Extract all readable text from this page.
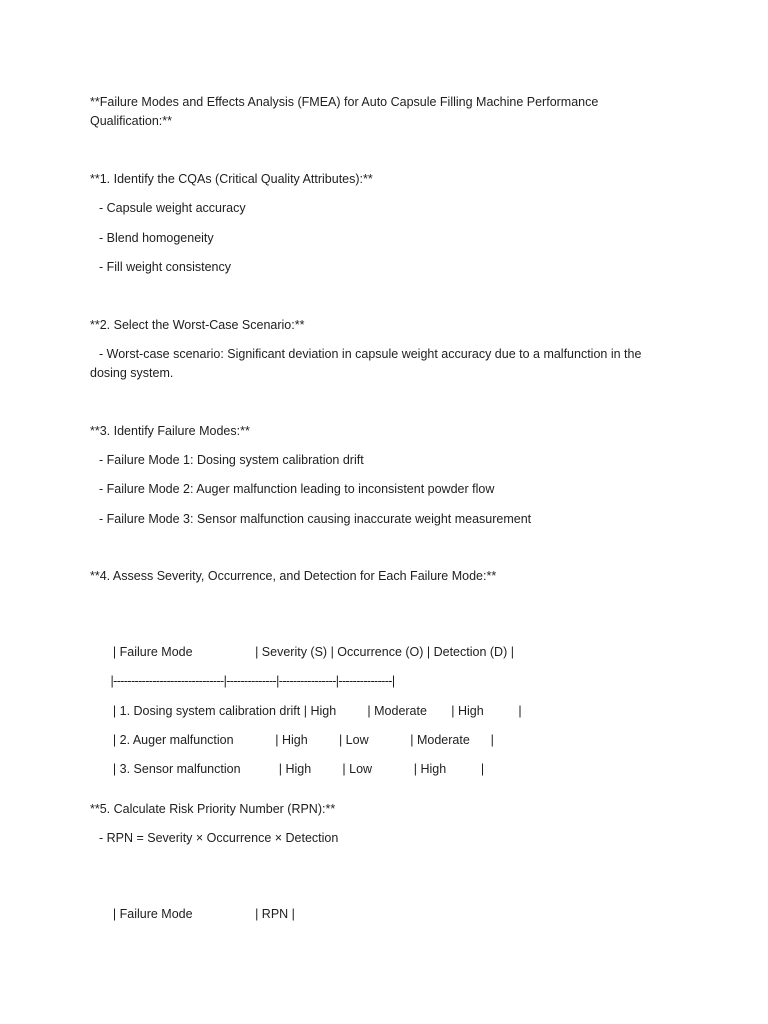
**Failure Modes and Effects Analysis (FMEA) for Auto Capsule Filling Machine Performance
Qualification:**
**1. Identify the CQAs (Critical Quality Attributes):**
- Capsule weight accuracy
- Blend homogeneity
- Fill weight consistency
**2. Select the Worst-Case Scenario:**
- Worst-case scenario: Significant deviation in capsule weight accuracy due to a malfunction in the
dosing system.
**3. Identify Failure Modes:**
- Failure Mode 1: Dosing system calibration drift
- Failure Mode 2: Auger malfunction leading to inconsistent powder flow
- Failure Mode 3: Sensor malfunction causing inaccurate weight measurement
**4. Assess Severity, Occurrence, and Detection for Each Failure Mode:**

| Failure Mode                  | Severity (S) | Occurrence (O) | Detection (D) |

|-------------------------------|--------------|----------------|---------------|

| 1. Dosing system calibration drift | High         | Moderate       | High          |

| 2. Auger malfunction            | High         | Low            | Moderate      |

| 3. Sensor malfunction           | High         | Low            | High          |

**5. Calculate Risk Priority Number (RPN):**
- RPN = Severity × Occurrence × Detection

| Failure Mode                  | RPN |
